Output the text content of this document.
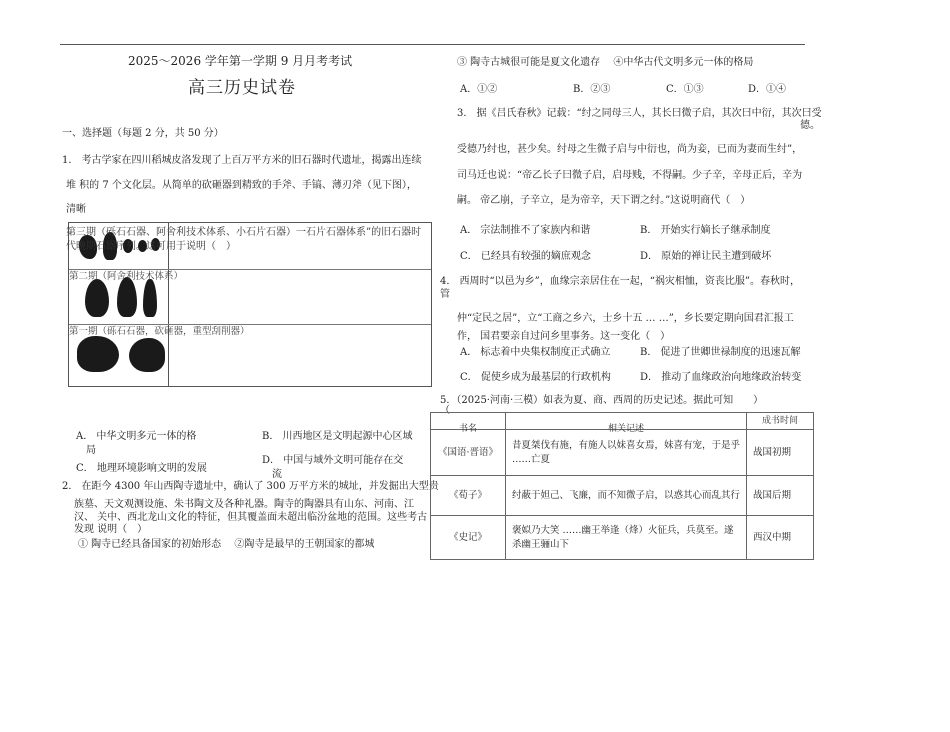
2025～2026 学年第一学期 9 月月考考试
高三历史试卷
一、选择题（每题 2 分，共 50 分）
1． 考古学家在四川稻城皮洛发现了上百万平方米的旧石器时代遗址，揭露出连续
堆 积的 7 个文化层。从简单的砍砸器到精致的手斧、手镐、薄刃斧（见下图），
清晰
第一期（砾石石器，砍砸器，重型刮削器）
第二期（阿舍利技术体系）
第三期（砾石石器、阿舍利技术体系、小石片石器）一石片石器体系”的旧石器时
代晚期石器序列。这可用于说明（　）
A． 中华文明多元一体的格
局
B． 川西地区是文明起源中心区域
C． 地理环境影响文明的发展
D． 中国与域外文明可能存在交
流
2． 在距今 4300 年山西陶寺遗址中，确认了 300 万平方米的城址，并发掘出大型贵
族墓、天文观测设施、朱书陶文及各种礼器。陶寺的陶器具有山东、河南、江
汉、 关中、西北龙山文化的特征，但其覆盖面未超出临汾盆地的范围。这些考古
发现 说明（　）
① 陶寺已经具备国家的初始形态　 ②陶寺是最早的王朝国家的都城
③ 陶寺古城很可能是夏文化遗存　 ④中华古代文明多元一体的格局
A．①②	B．②③	C．①③	D．①④
3． 据《吕氏春秋》记载：“纣之同母三人，其长曰微子启，其次曰中衍，其次曰受
德。
受德乃纣也，甚少矣。纣母之生微子启与中衍也，尚为妾，已而为妻而生纣”，
司马迁也说：“帝乙长子曰微子启，启母贱，不得嗣。少子辛，辛母正后，辛为
嗣。 帝乙崩，子辛立，是为帝辛，天下谓之纣。”这说明商代（　）
A． 宗法制推不了家族内和谐	B． 开始实行嫡长子继承制度
C． 已经具有较强的嫡庶观念	D． 原始的禅让民主遭到破坏
4． 西周时“以邑为乡”，血缘宗亲居住在一起，“祸灾相恤，资丧比服”。春秋时，
管
仲“定民之居”，立“工商之乡六，士乡十五 … …”，乡长要定期向国君汇报工
作， 国君要亲自过问乡里事务。这一变化（　）
A． 标志着中央集权制度正式确立	B． 促进了世卿世禄制度的迅速瓦解
C． 促使乡成为最基层的行政机构	D． 推动了血缘政治向地缘政治转变
5．（2025·河南·三模）如表为夏、商、西周的历史记述。据此可知　　）
（
书名	相关记述	成书时间
《国语·晋语》	昔夏桀伐有施，有施人以妹喜女焉，妹喜有宠，于是乎 ……亡夏	战国初期
《荀子》	纣蔽于妲己、飞廉，而不知微子启，以惑其心而乱其行	战国后期
《史记》	褒姒乃大笑 ……幽王举逢（烽）火征兵，兵莫至。遂 杀幽王骊山下	西汉中期
